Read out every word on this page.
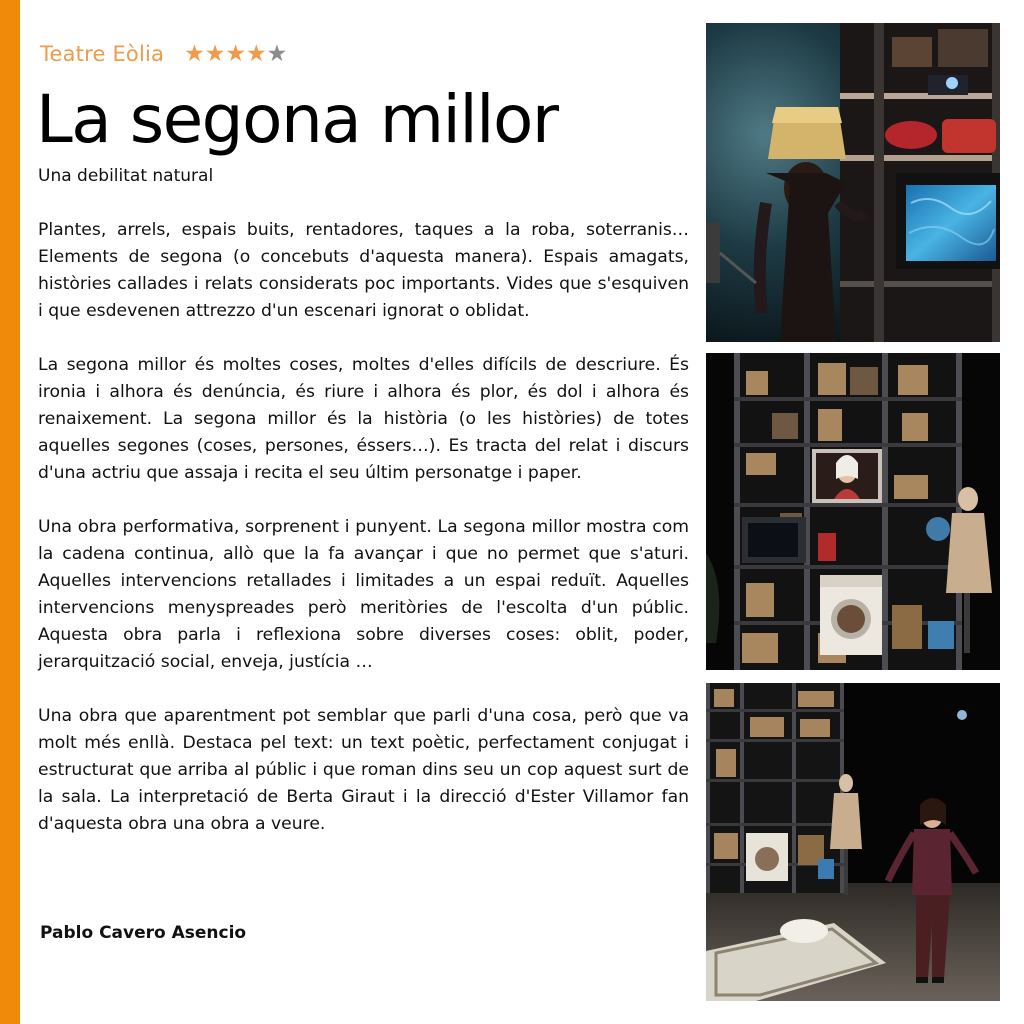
Teatre Eòlia ★ ★ ★ ★ ★
La segona millor
Una debilitat natural

Plantes, arrels, espais buits, rentadores, taques a la roba, soterranis… Elements de segona (o concebuts d'aquesta manera). Espais amagats, històries callades i relats considerats poc importants. Vides que s'esquiven i que esdevenen attrezzo d'un escenari ignorat o oblidat.

La segona millor és moltes coses, moltes d'elles difícils de descriure. És ironia i alhora és denúncia, és riure i alhora és plor, és dol i alhora és renaixement. La segona millor és la història (o les històries) de totes aquelles segones (coses, persones, éssers…). Es tracta del relat i discurs d'una actriu que assaja i recita el seu últim personatge i paper.

Una obra performativa, sorprenent i punyent. La segona millor mostra com la cadena continua, allò que la fa avançar i que no permet que s'aturi. Aquelles intervencions retallades i limitades a un espai reduït. Aquelles intervencions menyspreades però meritòries de l'escolta d'un públic. Aquesta obra parla i reflexiona sobre diverses coses: oblit, poder, jerarquització social, enveja, justícia …

Una obra que aparentment pot semblar que parli d'una cosa, però que va molt més enllà. Destaca pel text: un text poètic, perfectament conjugat i estructurat que arriba al públic i que roman dins seu un cop aquest surt de la sala. La interpretació de Berta Giraut i la direcció d'Ester Villamor fan d'aquesta obra una obra a veure.

Pablo Cavero Asencio
